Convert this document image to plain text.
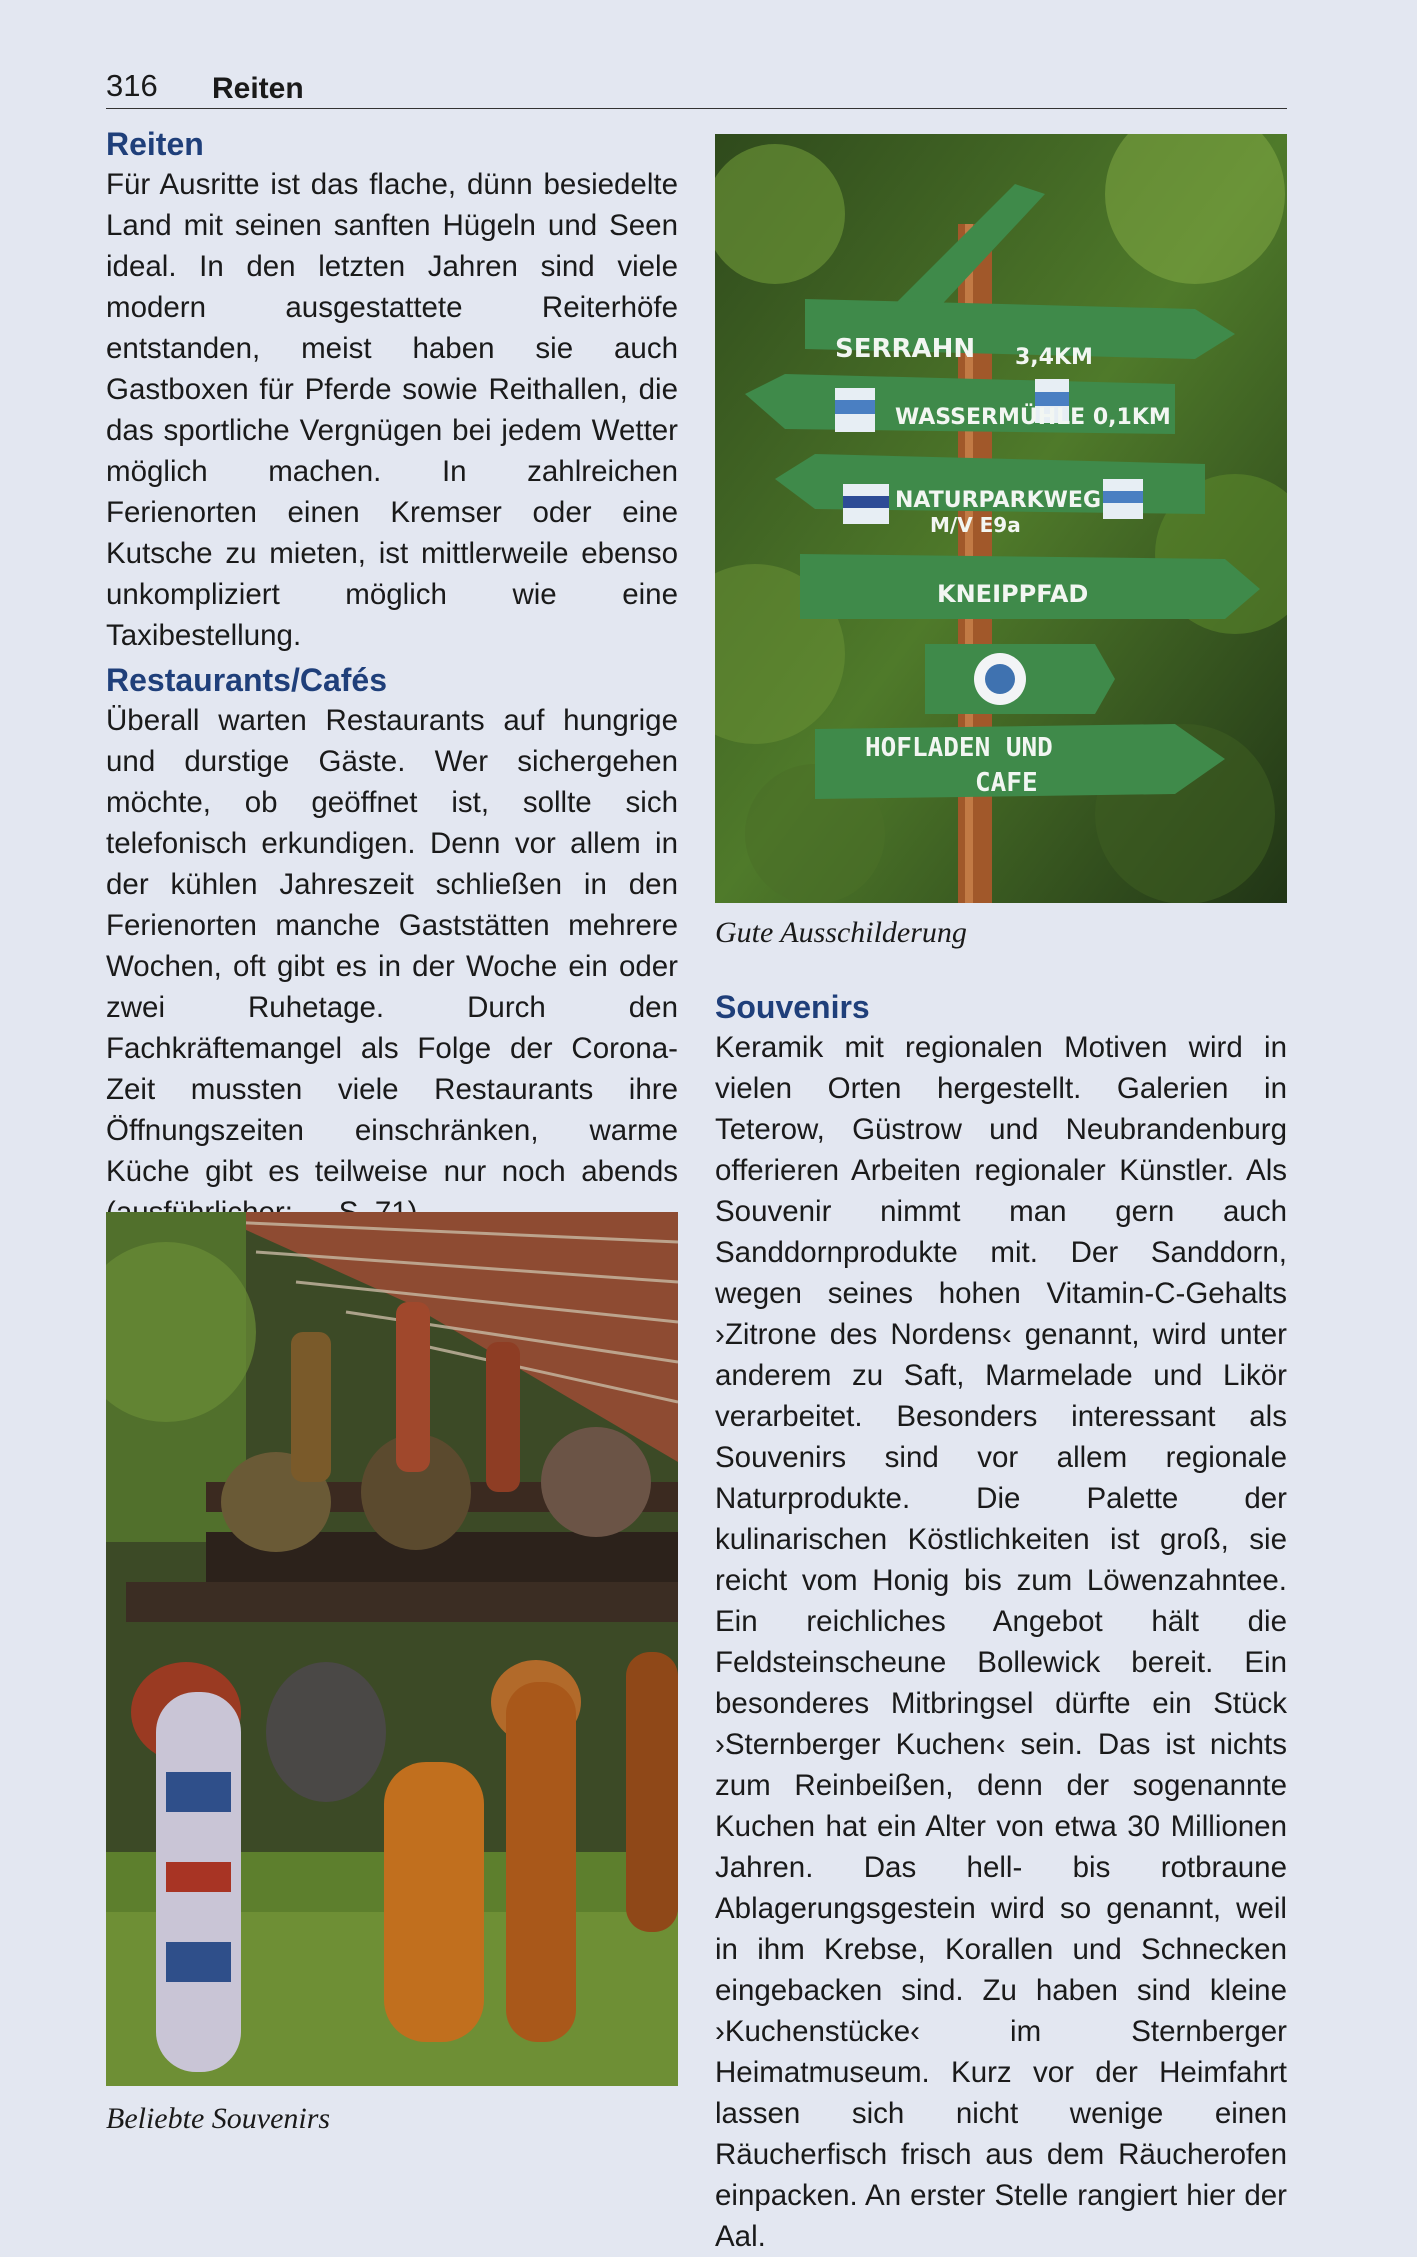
316 Reiten
Reiten

Für Ausritte ist das flache, dünn besiedelte Land mit seinen sanften Hügeln und Seen ideal. In den letzten Jahren sind viele modern ausgestattete Reiterhöfe entstanden, meist haben sie auch Gastboxen für Pferde sowie Reithallen, die das sportliche Vergnügen bei jedem Wetter möglich machen. In zahlreichen Ferienorten einen Kremser oder eine Kutsche zu mieten, ist mittlerweile ebenso unkompliziert möglich wie eine Taxibestellung.

Restaurants/Cafés

Überall warten Restaurants auf hungrige und durstige Gäste. Wer sichergehen möchte, ob geöffnet ist, sollte sich telefonisch erkundigen. Denn vor allem in der kühlen Jahreszeit schließen in den Ferienorten manche Gaststätten mehrere Wochen, oft gibt es in der Woche ein oder zwei Ruhetage. Durch den Fachkräftemangel als Folge der Corona-Zeit mussten viele Restaurants ihre Öffnungszeiten einschränken, warme Küche gibt es teilweise nur noch abends

SERRAHN 3,4KM
WASSERMÜHLE 0,1KM
NATURPARKWEG
M/V E9a
KNEIPPFAD
HOFLADEN UND
CAFE
Gute Ausschilderung
Souvenirs

Keramik mit regionalen Motiven wird in vielen Orten hergestellt. Galerien in Teterow, Güstrow und Neubrandenburg offerieren Arbeiten regionaler Künstler. Als Souvenir nimmt man gern auch Sanddornprodukte mit. Der Sanddorn, wegen seines hohen Vitamin-C-Gehalts ›Zitrone des Nordens‹ genannt, wird unter anderem zu Saft, Marmelade und Likör verarbeitet. Besonders interessant als Souvenirs sind vor allem regionale Naturprodukte. Die Palette der kulinarischen Köstlichkeiten ist groß, sie reicht vom Honig bis zum Löwenzahntee. Ein reichliches Angebot hält die Feldsteinscheune Bollewick bereit. Ein besonderes Mitbringsel dürfte ein Stück ›Sternberger Kuchen‹ sein. Das ist nichts zum Reinbeißen, denn der sogenannte Kuchen hat ein Alter von etwa 30 Millionen Jahren. Das hell- bis rotbraune Ablagerungsgestein wird so genannt, weil in ihm Krebse, Korallen und Schnecken eingebacken sind. Zu haben sind kleine ›Kuchenstücke‹ im Sternberger Heimatmuseum. Kurz vor der Heimfahrt lassen sich nicht wenige einen Räucherfisch frisch aus dem Räucherofen einpacken. An erster Stelle rangiert hier der Aal.

Beliebte Souvenirs
